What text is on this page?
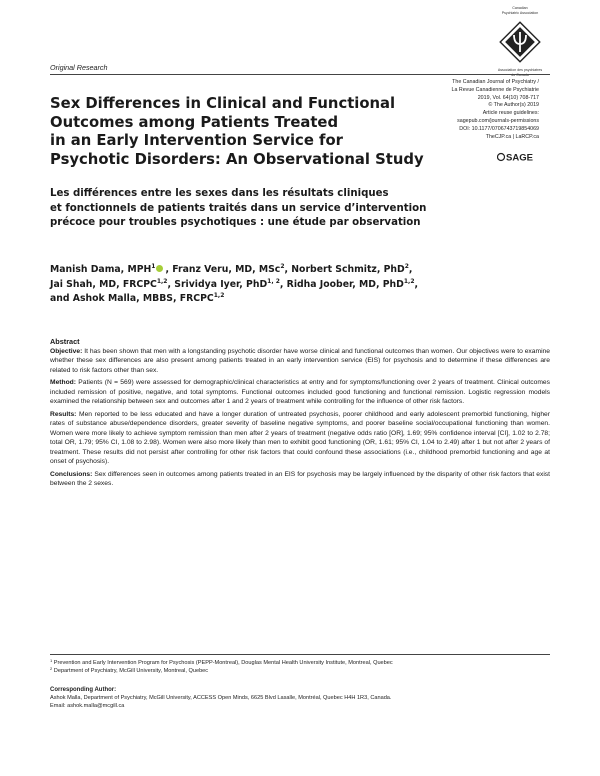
Canadian
Psychiatric Association
Association des psychiatres
du Canada
Original Research
The Canadian Journal of Psychiatry /
La Revue Canadienne de Psychiatrie
2019, Vol. 64(10) 708-717
© The Author(s) 2019
Article reuse guidelines:
sagepub.com/journals-permissions
DOI: 10.1177/0706743719854069
TheCJP.ca | LaRCP.ca
SAGE
Sex Differences in Clinical and Functional
Outcomes among Patients Treated
in an Early Intervention Service for
Psychotic Disorders: An Observational Study
Les différences entre les sexes dans les résultats cliniques
et fonctionnels de patients traités dans un service d’intervention
précoce pour troubles psychotiques : une étude par observation
Manish Dama, MPH$^1$ , Franz Veru, MD, MSc$^2$, Norbert Schmitz, PhD$^2$,
Jai Shah, MD, FRCPC$^{1,2}$, Srividya Iyer, PhD$^{1, 2}$, Ridha Joober, MD, PhD$^{1,2}$,
and Ashok Malla, MBBS, FRCPC$^{1,2}$
Abstract

Objective: It has been shown that men with a longstanding psychotic disorder have worse clinical and functional outcomes than women. Our objectives were to examine whether these sex differences are also present among patients treated in an early intervention service (EIS) for psychosis and to determine if these differences are related to risk factors other than sex.

Method: Patients (N = 569) were assessed for demographic/clinical characteristics at entry and for symptoms/functioning over 2 years of treatment. Clinical outcomes included remission of positive, negative, and total symptoms. Functional outcomes included good functioning and functional remission. Logistic regression models examined the relationship between sex and outcomes after 1 and 2 years of treatment while controlling for the influence of other risk factors.

Results: Men reported to be less educated and have a longer duration of untreated psychosis, poorer childhood and early adolescent premorbid functioning, higher rates of substance abuse/dependence disorders, greater severity of baseline negative symptoms, and poorer baseline social/occupational functioning than women. Women were more likely to achieve symptom remission than men after 2 years of treatment (negative odds ratio [OR], 1.69; 95% confidence interval [CI], 1.02 to 2.78; total OR, 1.79; 95% CI, 1.08 to 2.98). Women were also more likely than men to exhibit good functioning (OR, 1.61; 95% CI, 1.04 to 2.49) after 1 but not after 2 years of treatment. These results did not persist after controlling for other risk factors that could confound these associations (i.e., childhood premorbid functioning and age at onset of psychosis).

Conclusions: Sex differences seen in outcomes among patients treated in an EIS for psychosis may be largely influenced by the disparity of other risk factors that exist between the 2 sexes.

$^1$ Prevention and Early Intervention Program for Psychosis (PEPP-Montreal), Douglas Mental Health University Institute, Montreal, Quebec
$^2$ Department of Psychiatry, McGill University, Montreal, Quebec
Corresponding Author:
Ashok Malla, Department of Psychiatry, McGill University, ACCESS Open Minds, 6625 Blvd Lasalle, Montréal, Quebec H4H 1R3, Canada.
Email: ashok.malla@mcgill.ca
